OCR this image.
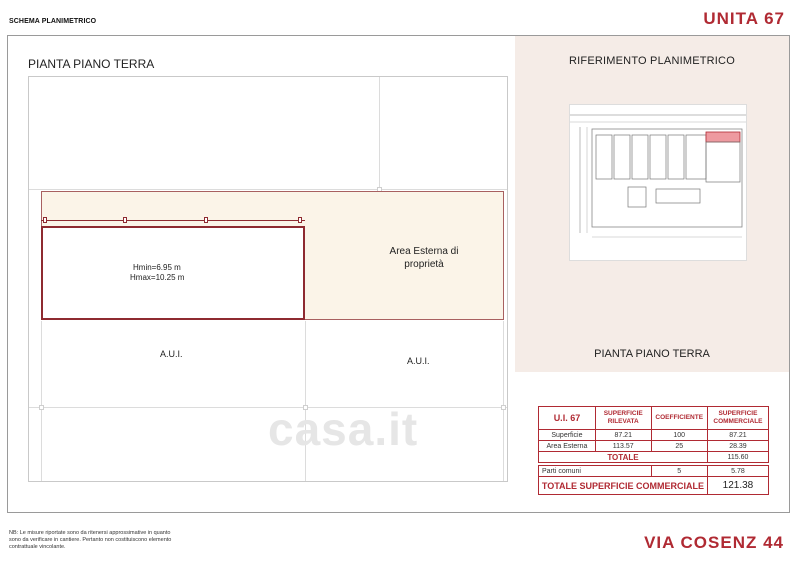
SCHEMA PLANIMETRICO	UNITA 67
PIANTA PIANO TERRA
Hmin=6.95 m
Hmax=10.25 m
Area Esterna di proprietà
A.U.I.
A.U.I.
casa.it
RIFERIMENTO PLANIMETRICO
PIANTA PIANO TERRA
U.I. 67	SUPERFICIE RILEVATA	COEFFICIENTE	SUPERFICIE COMMERCIALE
Superficie	87.21	100	87.21
Area Esterna	113.57	25	28.39
TOTALE			115.60

Parti comuni		5	5.78
TOTALE SUPERFICIE COMMERCIALE			121.38
NB: Le misure riportate sono da ritenersi approssimative in quanto sono da verificare in cantiere. Pertanto non costituiscono elemento contrattuale vincolante.	VIA COSENZ 44
